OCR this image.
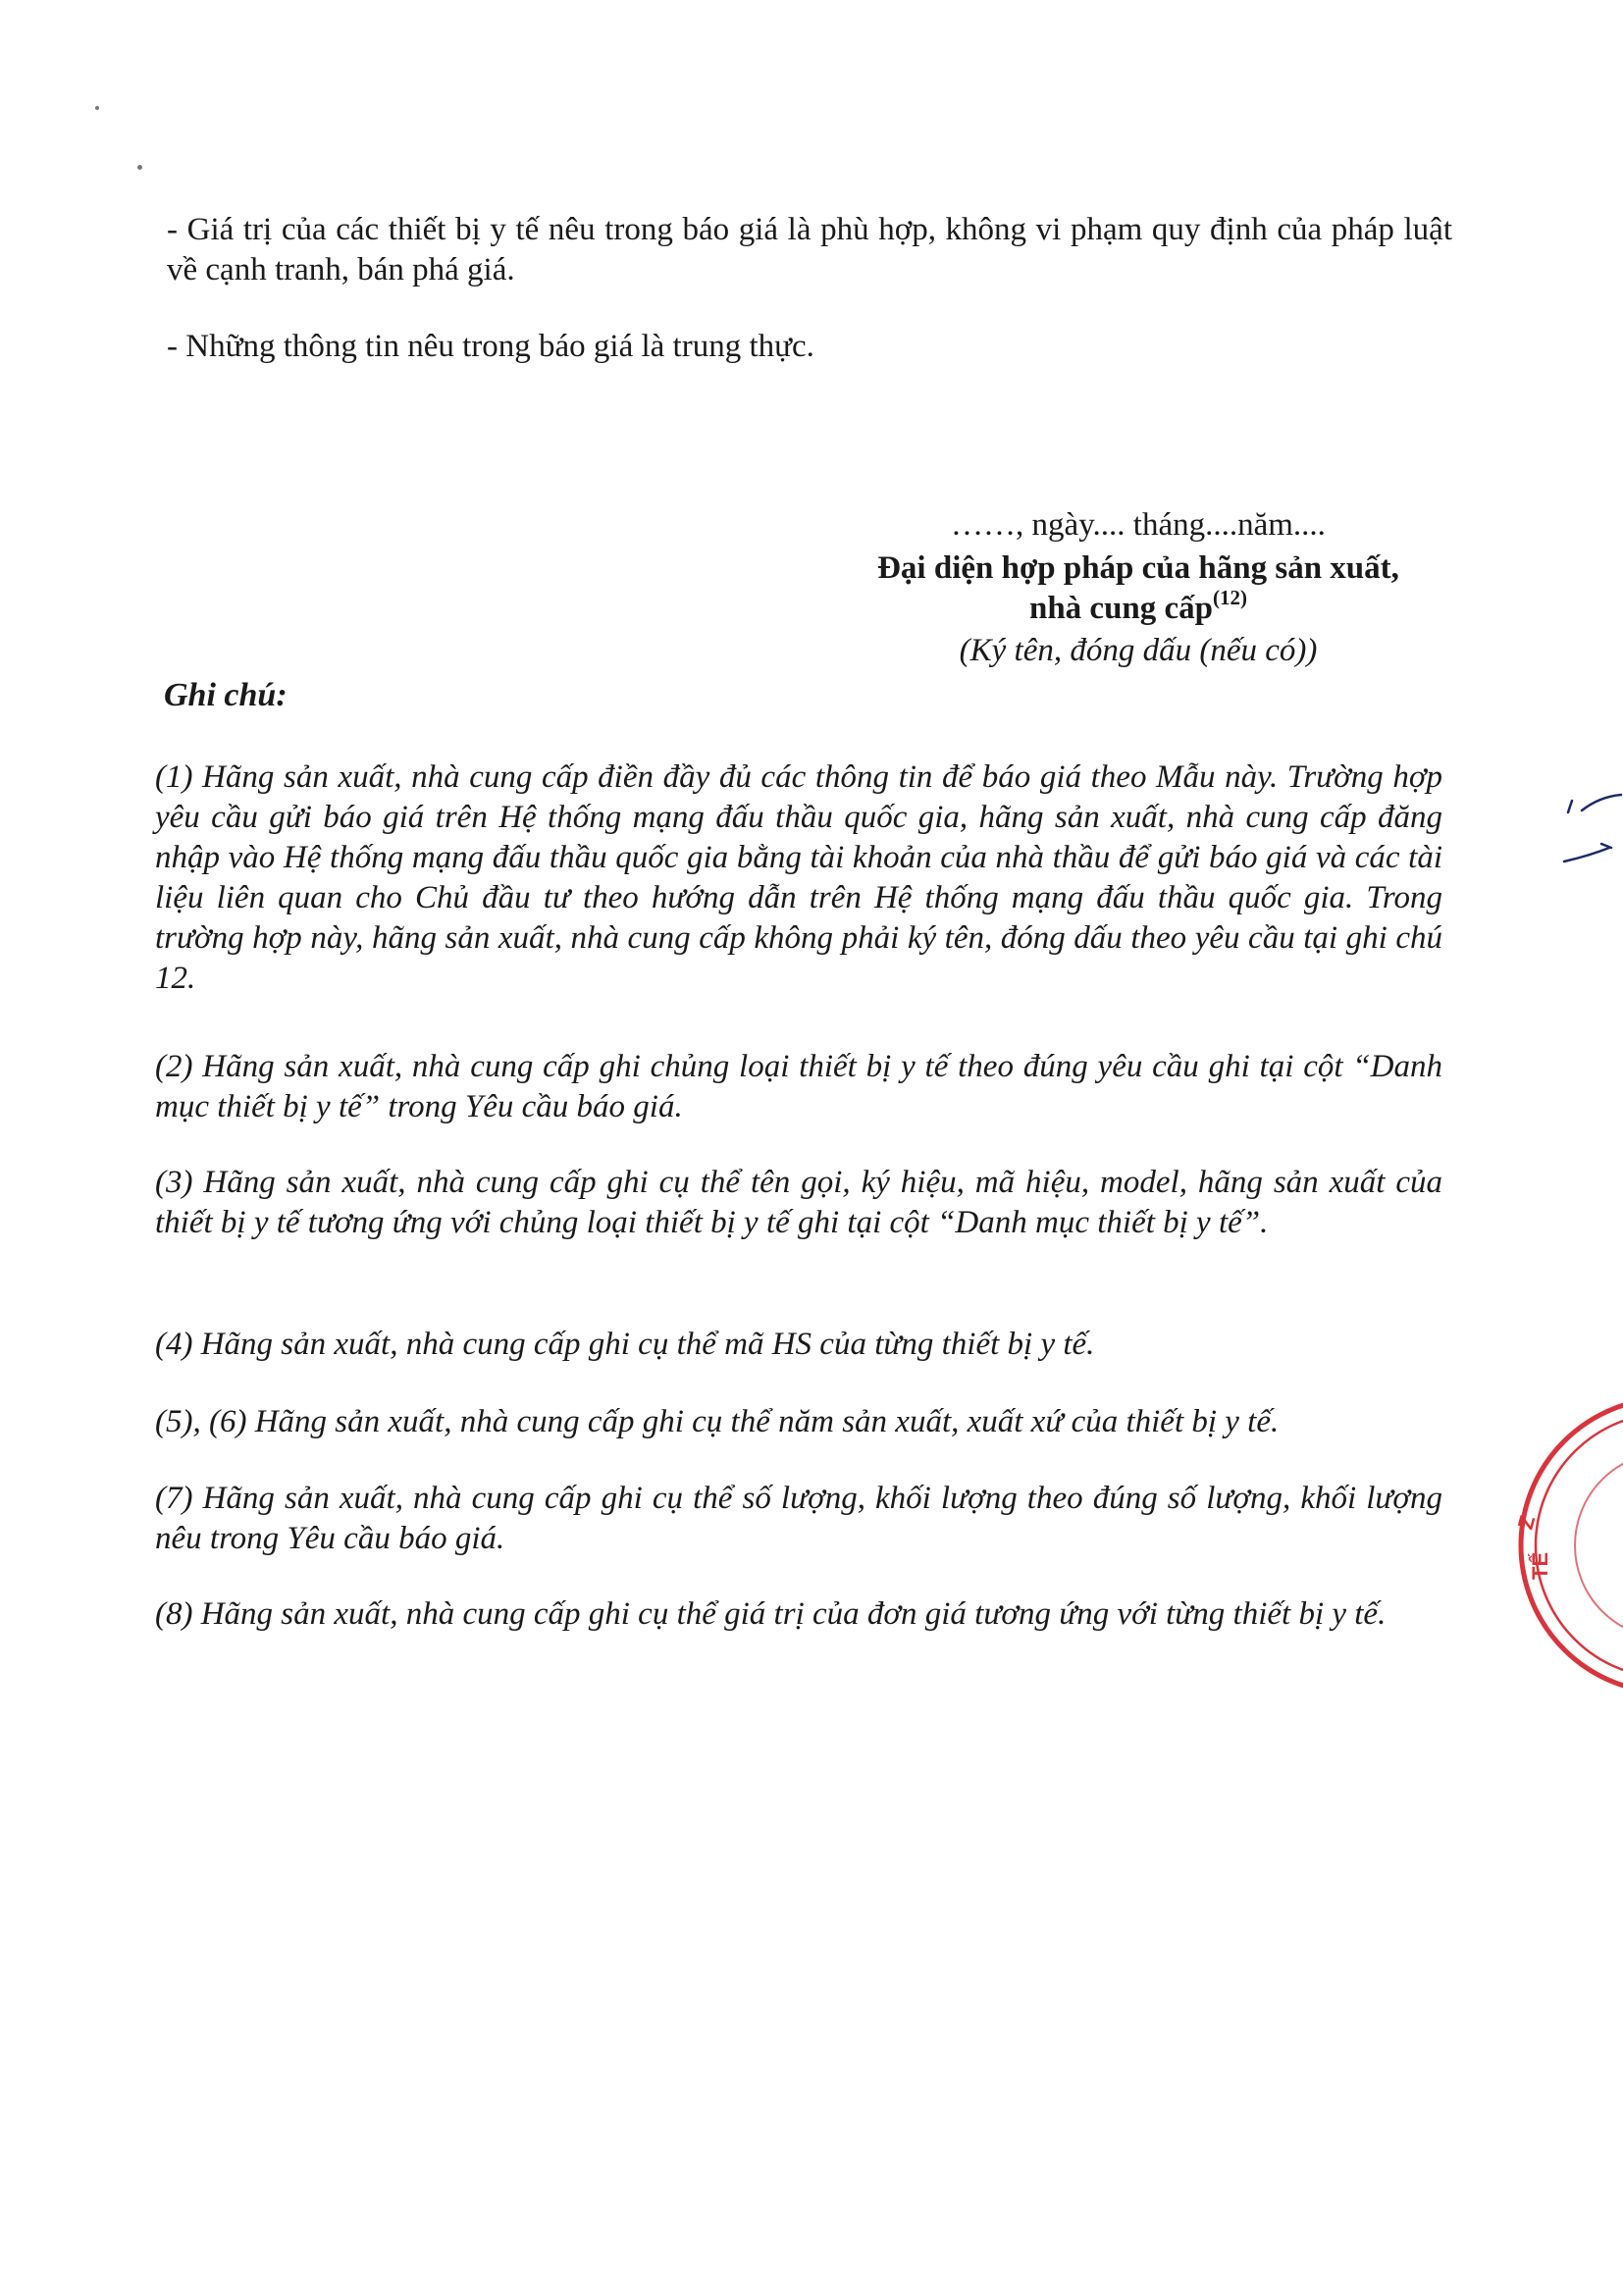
- Giá trị của các thiết bị y tế nêu trong báo giá là phù hợp, không vi phạm quy định của pháp luật về cạnh tranh, bán phá giá.

- Những thông tin nêu trong báo giá là trung thực.

……, ngày.... tháng....năm....
Đại diện hợp pháp của hãng sản xuất,
nhà cung cấp$^{(12)}$
(Ký tên, đóng dấu (nếu có))

Ghi chú:

(1) Hãng sản xuất, nhà cung cấp điền đầy đủ các thông tin để báo giá theo Mẫu này. Trường hợp yêu cầu gửi báo giá trên Hệ thống mạng đấu thầu quốc gia, hãng sản xuất, nhà cung cấp đăng nhập vào Hệ thống mạng đấu thầu quốc gia bằng tài khoản của nhà thầu để gửi báo giá và các tài liệu liên quan cho Chủ đầu tư theo hướng dẫn trên Hệ thống mạng đấu thầu quốc gia. Trong trường hợp này, hãng sản xuất, nhà cung cấp không phải ký tên, đóng dấu theo yêu cầu tại ghi chú 12.

(2) Hãng sản xuất, nhà cung cấp ghi chủng loại thiết bị y tế theo đúng yêu cầu ghi tại cột “Danh mục thiết bị y tế” trong Yêu cầu báo giá.

(3) Hãng sản xuất, nhà cung cấp ghi cụ thể tên gọi, ký hiệu, mã hiệu, model, hãng sản xuất của thiết bị y tế tương ứng với chủng loại thiết bị y tế ghi tại cột “Danh mục thiết bị y tế”.

(4) Hãng sản xuất, nhà cung cấp ghi cụ thể mã HS của từng thiết bị y tế.

(5), (6) Hãng sản xuất, nhà cung cấp ghi cụ thể năm sản xuất, xuất xứ của thiết bị y tế.

(7) Hãng sản xuất, nhà cung cấp ghi cụ thể số lượng, khối lượng theo đúng số lượng, khối lượng nêu trong Yêu cầu báo giá.

(8) Hãng sản xuất, nhà cung cấp ghi cụ thể giá trị của đơn giá tương ứng với từng thiết bị y tế.

Z
TẾ
